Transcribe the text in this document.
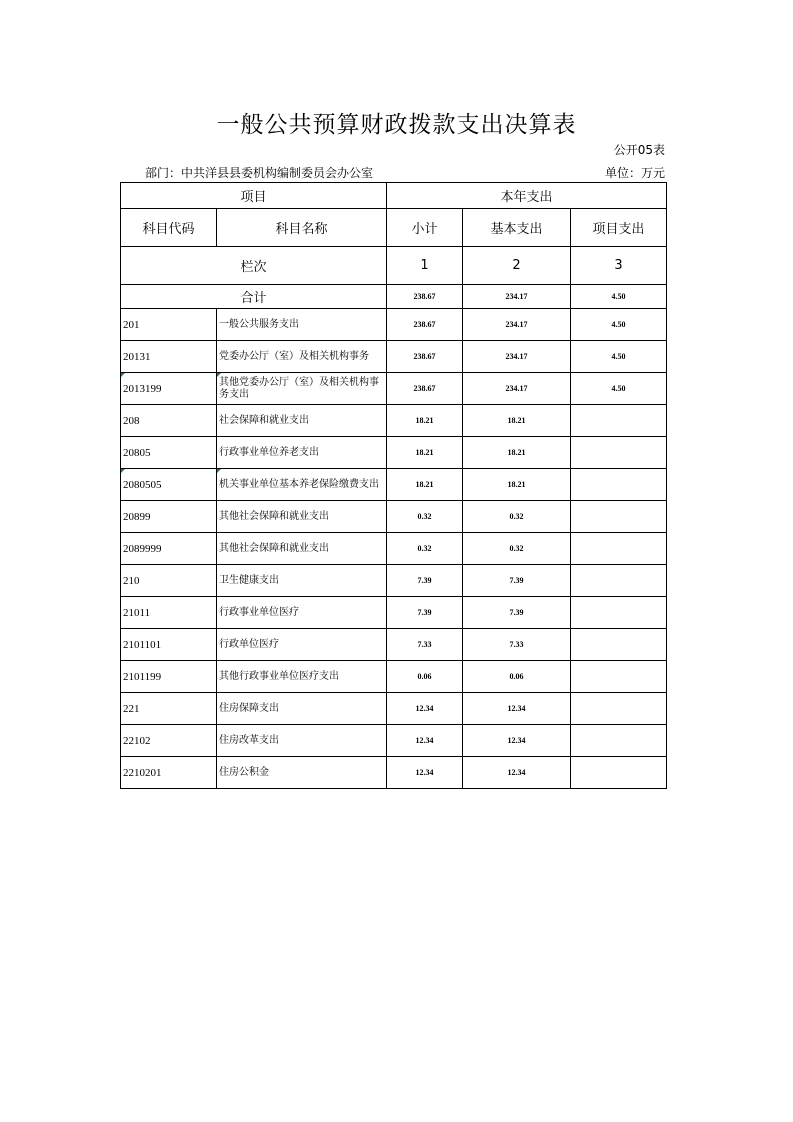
一般公共预算财政拨款支出决算表
公开05表
部门：中共洋县县委机构编制委员会办公室	单位：万元
项目		本年支出		
科目代码	科目名称	小计	基本支出	项目支出
栏次		1	2	3
合计		238.67	234.17	4.50
201	一般公共服务支出	238.67	234.17	4.50
20131	党委办公厅（室）及相关机构事务	238.67	234.17	4.50
2013199	其他党委办公厅（室）及相关机构事务支出	238.67	234.17	4.50
208	社会保障和就业支出	18.21	18.21	
20805	行政事业单位养老支出	18.21	18.21	
2080505	机关事业单位基本养老保险缴费支出	18.21	18.21	
20899	其他社会保障和就业支出	0.32	0.32	
2089999	其他社会保障和就业支出	0.32	0.32	
210	卫生健康支出	7.39	7.39	
21011	行政事业单位医疗	7.39	7.39	
2101101	行政单位医疗	7.33	7.33	
2101199	其他行政事业单位医疗支出	0.06	0.06	
221	住房保障支出	12.34	12.34	
22102	住房改革支出	12.34	12.34	
2210201	住房公积金	12.34	12.34	
